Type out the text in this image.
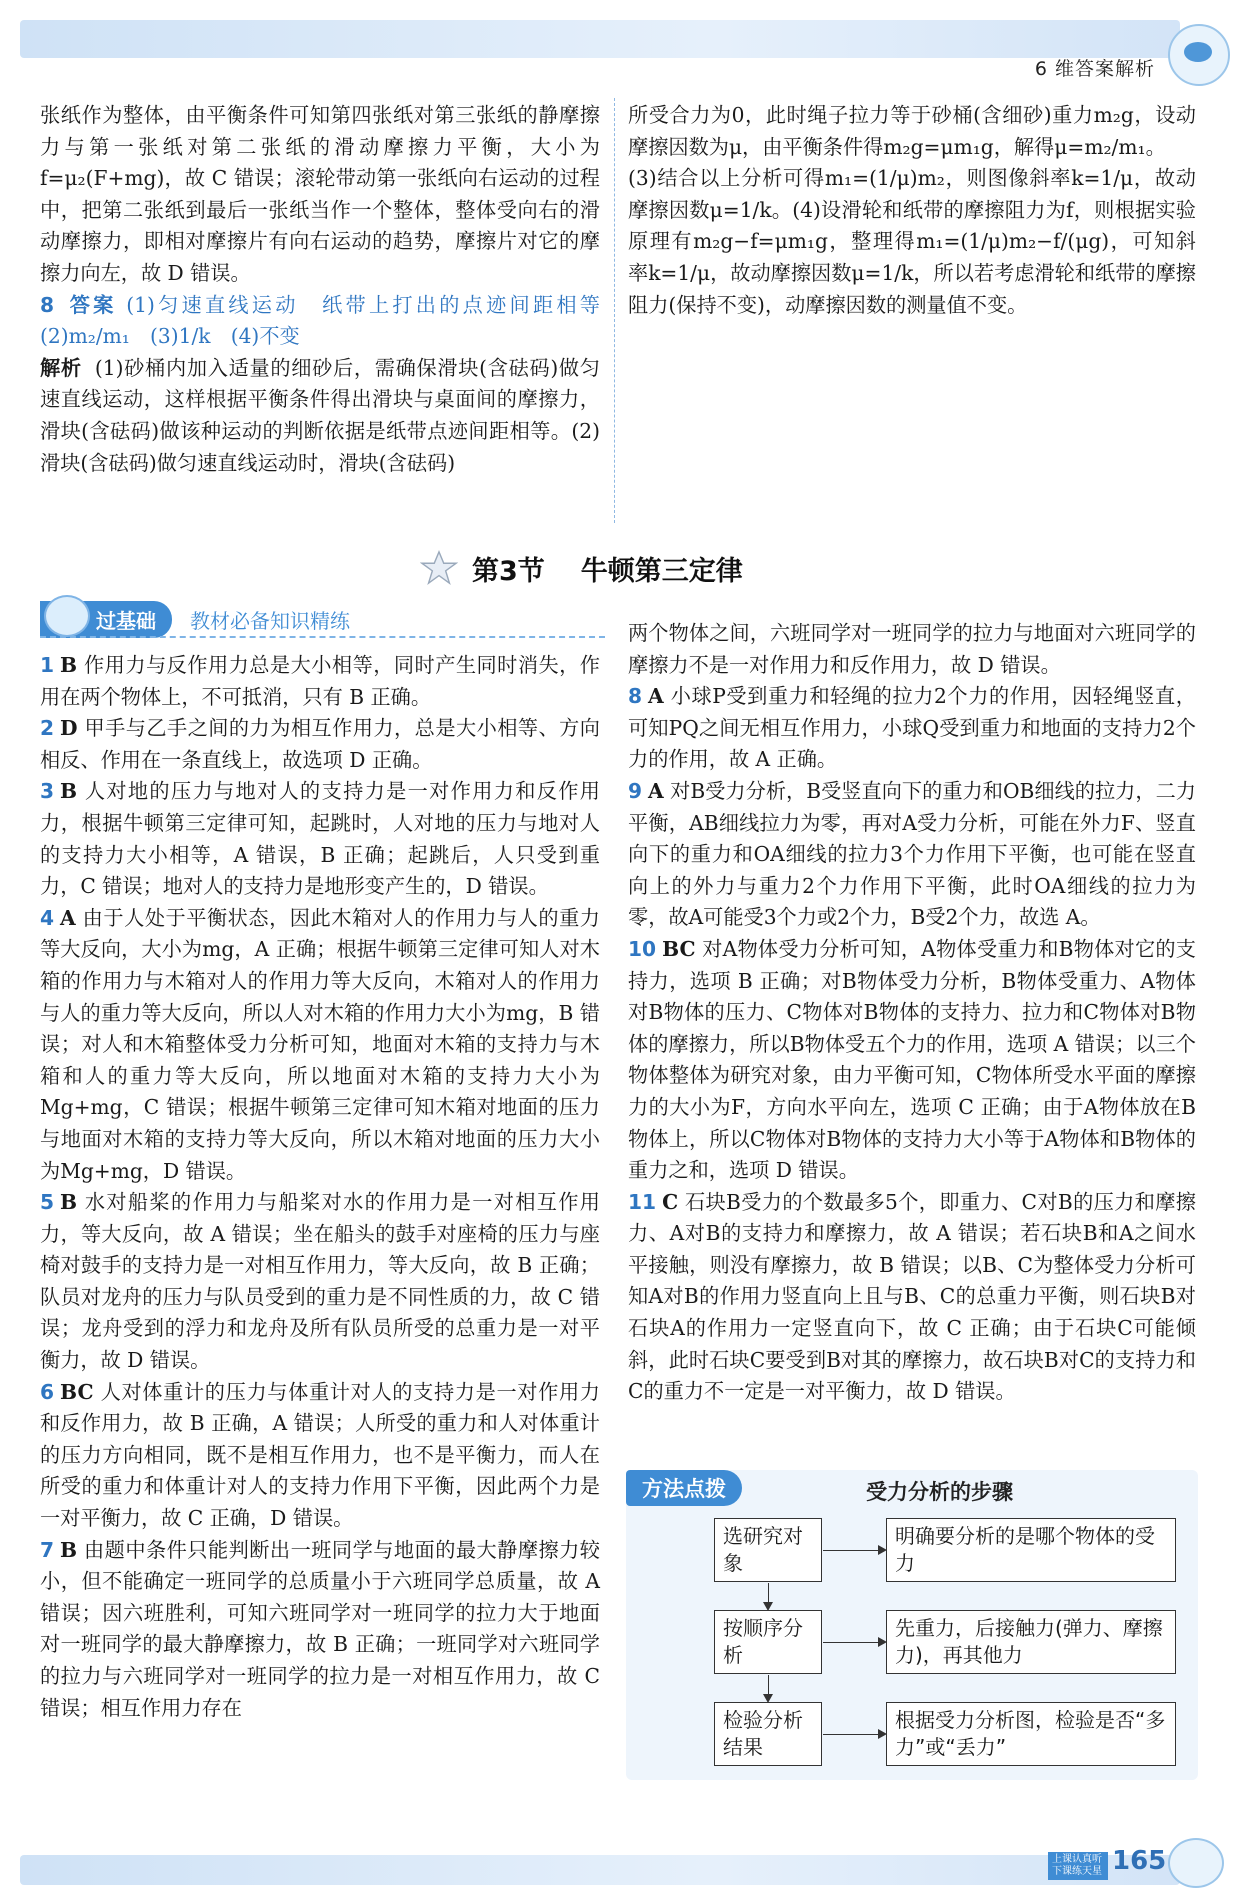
6 维答案解析

张纸作为整体，由平衡条件可知第四张纸对第三张纸的静摩擦力与第一张纸对第二张纸的滑动摩擦力平衡，大小为f=μ₂(F+mg)，故 C 错误；滚轮带动第一张纸向右运动的过程中，把第二张纸到最后一张纸当作一个整体，整体受向右的滑动摩擦力，即相对摩擦片有向右运动的趋势，摩擦片对它的摩擦力向左，故 D 错误。

8 答案 (1)匀速直线运动　纸带上打出的点迹间距相等　(2)m₂/m₁　(3)1/k　(4)不变

解析 (1)砂桶内加入适量的细砂后，需确保滑块(含砝码)做匀速直线运动，这样根据平衡条件得出滑块与桌面间的摩擦力，滑块(含砝码)做该种运动的判断依据是纸带点迹间距相等。(2)滑块(含砝码)做匀速直线运动时，滑块(含砝码)

所受合力为0，此时绳子拉力等于砂桶(含细砂)重力m₂g，设动摩擦因数为μ，由平衡条件得m₂g=μm₁g，解得μ=m₂/m₁。

(3)结合以上分析可得m₁=(1/μ)m₂，则图像斜率k=1/μ，故动摩擦因数μ=1/k。(4)设滑轮和纸带的摩擦阻力为f，则根据实验原理有m₂g−f=μm₁g，整理得m₁=(1/μ)m₂−f/(μg)，可知斜率k=1/μ，故动摩擦因数μ=1/k，所以若考虑滑轮和纸带的摩擦阻力(保持不变)，动摩擦因数的测量值不变。

第3节 牛顿第三定律
过基础	教材必备知识精练

1 B 作用力与反作用力总是大小相等，同时产生同时消失，作用在两个物体上，不可抵消，只有 B 正确。

2 D 甲手与乙手之间的力为相互作用力，总是大小相等、方向相反、作用在一条直线上，故选项 D 正确。

3 B 人对地的压力与地对人的支持力是一对作用力和反作用力，根据牛顿第三定律可知，起跳时，人对地的压力与地对人的支持力大小相等，A 错误，B 正确；起跳后，人只受到重力，C 错误；地对人的支持力是地形变产生的，D 错误。

4 A 由于人处于平衡状态，因此木箱对人的作用力与人的重力等大反向，大小为mg，A 正确；根据牛顿第三定律可知人对木箱的作用力与木箱对人的作用力等大反向，木箱对人的作用力与人的重力等大反向，所以人对木箱的作用力大小为mg，B 错误；对人和木箱整体受力分析可知，地面对木箱的支持力与木箱和人的重力等大反向，所以地面对木箱的支持力大小为Mg+mg，C 错误；根据牛顿第三定律可知木箱对地面的压力与地面对木箱的支持力等大反向，所以木箱对地面的压力大小为Mg+mg，D 错误。

5 B 水对船桨的作用力与船桨对水的作用力是一对相互作用力，等大反向，故 A 错误；坐在船头的鼓手对座椅的压力与座椅对鼓手的支持力是一对相互作用力，等大反向，故 B 正确；队员对龙舟的压力与队员受到的重力是不同性质的力，故 C 错误；龙舟受到的浮力和龙舟及所有队员所受的总重力是一对平衡力，故 D 错误。

6 BC 人对体重计的压力与体重计对人的支持力是一对作用力和反作用力，故 B 正确，A 错误；人所受的重力和人对体重计的压力方向相同，既不是相互作用力，也不是平衡力，而人在所受的重力和体重计对人的支持力作用下平衡，因此两个力是一对平衡力，故 C 正确，D 错误。

7 B 由题中条件只能判断出一班同学与地面的最大静摩擦力较小，但不能确定一班同学的总质量小于六班同学总质量，故 A 错误；因六班胜利，可知六班同学对一班同学的拉力大于地面对一班同学的最大静摩擦力，故 B 正确；一班同学对六班同学的拉力与六班同学对一班同学的拉力是一对相互作用力，故 C 错误；相互作用力存在

两个物体之间，六班同学对一班同学的拉力与地面对六班同学的摩擦力不是一对作用力和反作用力，故 D 错误。

8 A 小球P受到重力和轻绳的拉力2个力的作用，因轻绳竖直，可知PQ之间无相互作用力，小球Q受到重力和地面的支持力2个力的作用，故 A 正确。

9 A 对B受力分析，B受竖直向下的重力和OB细线的拉力，二力平衡，AB细线拉力为零，再对A受力分析，可能在外力F、竖直向下的重力和OA细线的拉力3个力作用下平衡，也可能在竖直向上的外力与重力2个力作用下平衡，此时OA细线的拉力为零，故A可能受3个力或2个力，B受2个力，故选 A。

10 BC 对A物体受力分析可知，A物体受重力和B物体对它的支持力，选项 B 正确；对B物体受力分析，B物体受重力、A物体对B物体的压力、C物体对B物体的支持力、拉力和C物体对B物体的摩擦力，所以B物体受五个力的作用，选项 A 错误；以三个物体整体为研究对象，由力平衡可知，C物体所受水平面的摩擦力的大小为F，方向水平向左，选项 C 正确；由于A物体放在B物体上，所以C物体对B物体的支持力大小等于A物体和B物体的重力之和，选项 D 错误。

11 C 石块B受力的个数最多5个，即重力、C对B的压力和摩擦力、A对B的支持力和摩擦力，故 A 错误；若石块B和A之间水平接触，则没有摩擦力，故 B 错误；以B、C为整体受力分析可知A对B的作用力竖直向上且与B、C的总重力平衡，则石块B对石块A的作用力一定竖直向下，故 C 正确；由于石块C可能倾斜，此时石块C要受到B对其的摩擦力，故石块B对C的支持力和C的重力不一定是一对平衡力，故 D 错误。

方法点拨	受力分析的步骤
选研究对象
明确要分析的是哪个物体的受力
按顺序分析
先重力，后接触力(弹力、摩擦力)，再其他力
检验分析结果
根据受力分析图，检验是否“多力”或“丢力”
上课认真听 下课练天星 165
